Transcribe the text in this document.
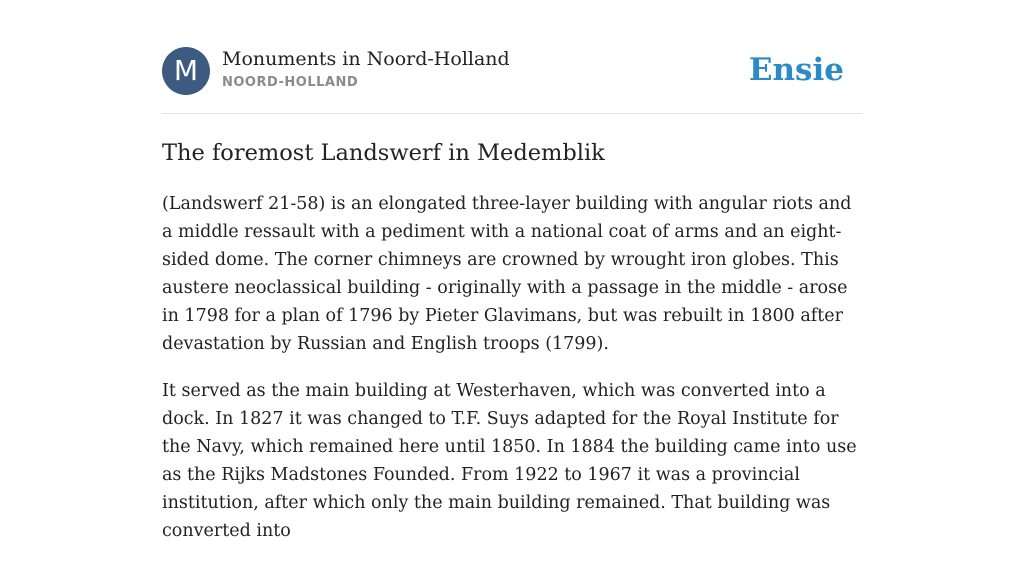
M	Monuments in Noord-Holland
NOORD-HOLLAND	Ensie
The foremost Landswerf in Medemblik

(Landswerf 21-58) is an elongated three-layer building with angular riots and a middle ressault with a pediment with a national coat of arms and an eight-sided dome. The corner chimneys are crowned by wrought iron globes. This austere neoclassical building - originally with a passage in the middle - arose in 1798 for a plan of 1796 by Pieter Glavimans, but was rebuilt in 1800 after devastation by Russian and English troops (1799).

It served as the main building at Westerhaven, which was converted into a dock. In 1827 it was changed to T.F. Suys adapted for the Royal Institute for the Navy, which remained here until 1850. In 1884 the building came into use as the Rijks Madstones Founded. From 1922 to 1967 it was a provincial institution, after which only the main building remained. That building was converted into
